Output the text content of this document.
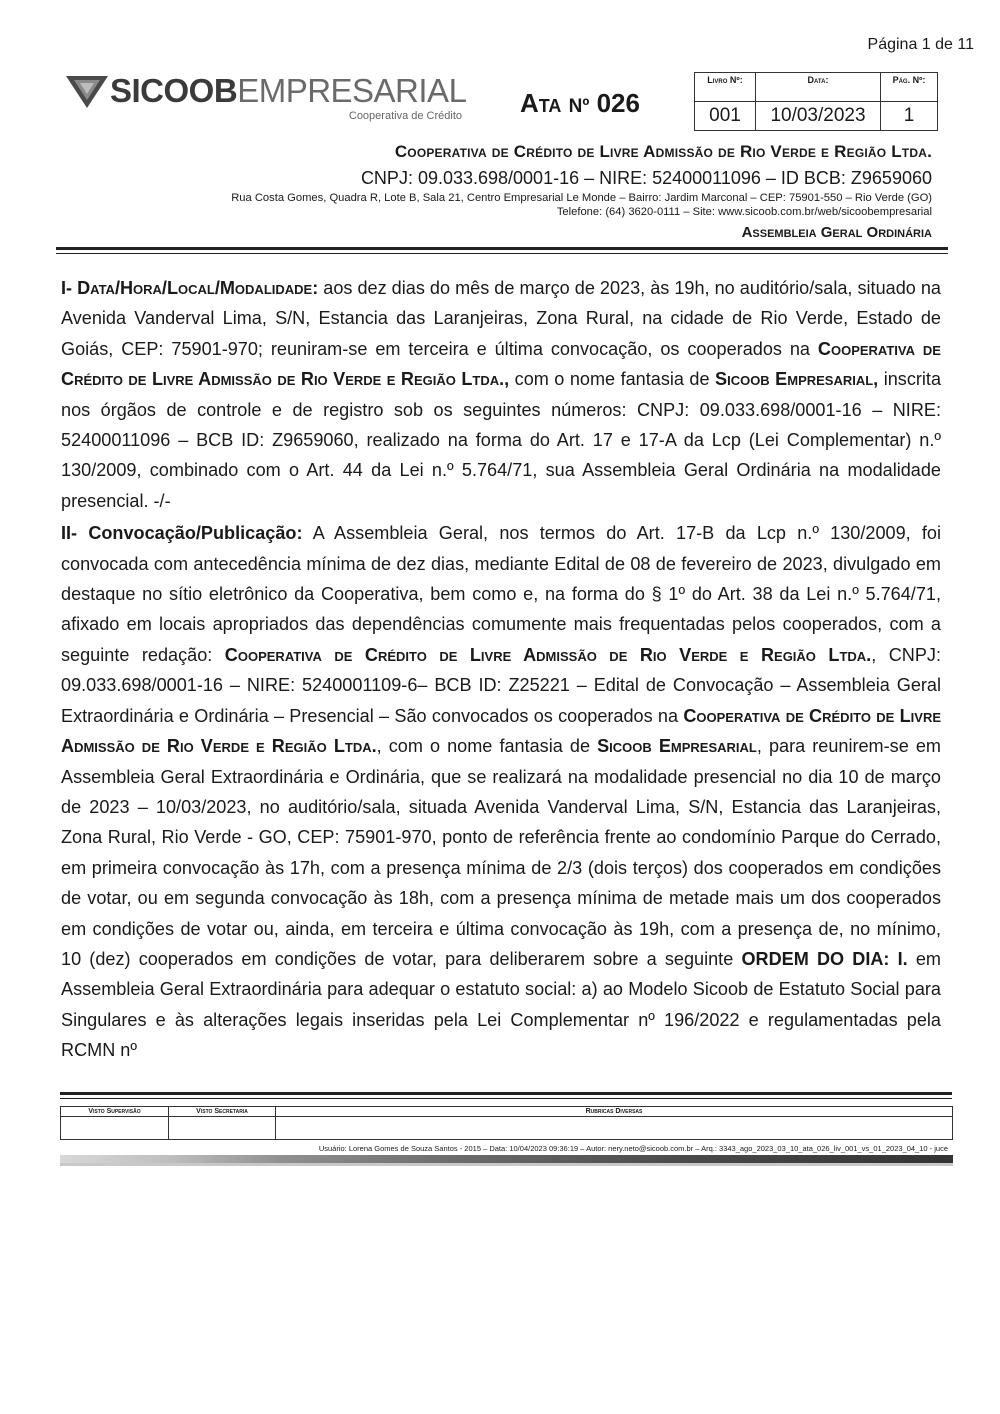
Página 1 de 11
SICOOBEMPRESARIAL
Cooperativa de Crédito Ata Nº 026
Livro Nº:	Data:	Pág. Nº:
001	10/03/2023	1
Cooperativa de Crédito de Livre Admissão de Rio Verde e Região Ltda.
CNPJ: 09.033.698/0001-16 – NIRE: 52400011096 – ID BCB: Z9659060
Rua Costa Gomes, Quadra R, Lote B, Sala 21, Centro Empresarial Le Monde – Bairro: Jardim Marconal – CEP: 75901-550 – Rio Verde (GO)
Telefone: (64) 3620-0111 – Site: www.sicoob.com.br/web/sicoobempresarial
Assembleia Geral Ordinária

I- Data/Hora/Local/Modalidade: aos dez dias do mês de março de 2023, às 19h, no auditório/sala, situado na Avenida Vanderval Lima, S/N, Estancia das Laranjeiras, Zona Rural, na cidade de Rio Verde, Estado de Goiás, CEP: 75901-970; reuniram-se em terceira e última convocação, os cooperados na Cooperativa de Crédito de Livre Admissão de Rio Verde e Região Ltda., com o nome fantasia de Sicoob Empresarial, inscrita nos órgãos de controle e de registro sob os seguintes números: CNPJ: 09.033.698/0001-16 – NIRE: 52400011096 – BCB ID: Z9659060, realizado na forma do Art. 17 e 17-A da Lcp (Lei Complementar) n.º 130/2009, combinado com o Art. 44 da Lei n.º 5.764/71, sua Assembleia Geral Ordinária na modalidade presencial. -/-

II- Convocação/Publicação: A Assembleia Geral, nos termos do Art. 17-B da Lcp n.º 130/2009, foi convocada com antecedência mínima de dez dias, mediante Edital de 08 de fevereiro de 2023, divulgado em destaque no sítio eletrônico da Cooperativa, bem como e, na forma do § 1º do Art. 38 da Lei n.º 5.764/71, afixado em locais apropriados das dependências comumente mais frequentadas pelos cooperados, com a seguinte redação: Cooperativa de Crédito de Livre Admissão de Rio Verde e Região Ltda., CNPJ: 09.033.698/0001-16 – NIRE: 5240001109-6– BCB ID: Z25221 – Edital de Convocação – Assembleia Geral Extraordinária e Ordinária – Presencial – São convocados os cooperados na Cooperativa de Crédito de Livre Admissão de Rio Verde e Região Ltda., com o nome fantasia de Sicoob Empresarial, para reunirem-se em Assembleia Geral Extraordinária e Ordinária, que se realizará na modalidade presencial no dia 10 de março de 2023 – 10/03/2023, no auditório/sala, situada Avenida Vanderval Lima, S/N, Estancia das Laranjeiras, Zona Rural, Rio Verde - GO, CEP: 75901-970, ponto de referência frente ao condomínio Parque do Cerrado, em primeira convocação às 17h, com a presença mínima de 2/3 (dois terços) dos cooperados em condições de votar, ou em segunda convocação às 18h, com a presença mínima de metade mais um dos cooperados em condições de votar ou, ainda, em terceira e última convocação às 19h, com a presença de, no mínimo, 10 (dez) cooperados em condições de votar, para deliberarem sobre a seguinte ORDEM DO DIA: I. em Assembleia Geral Extraordinária para adequar o estatuto social: a) ao Modelo Sicoob de Estatuto Social para Singulares e às alterações legais inseridas pela Lei Complementar nº 196/2022 e regulamentadas pela RCMN nº

Visto Supervisão	Visto Secretaria	Rubricas Diversas

Usuário: Lorena Gomes de Souza Santos - 2015 – Data: 10/04/2023 09:36:19 – Autor: nery.neto@sicoob.com.br – Arq.: 3343_ago_2023_03_10_ata_026_liv_001_vs_01_2023_04_10 - juce
